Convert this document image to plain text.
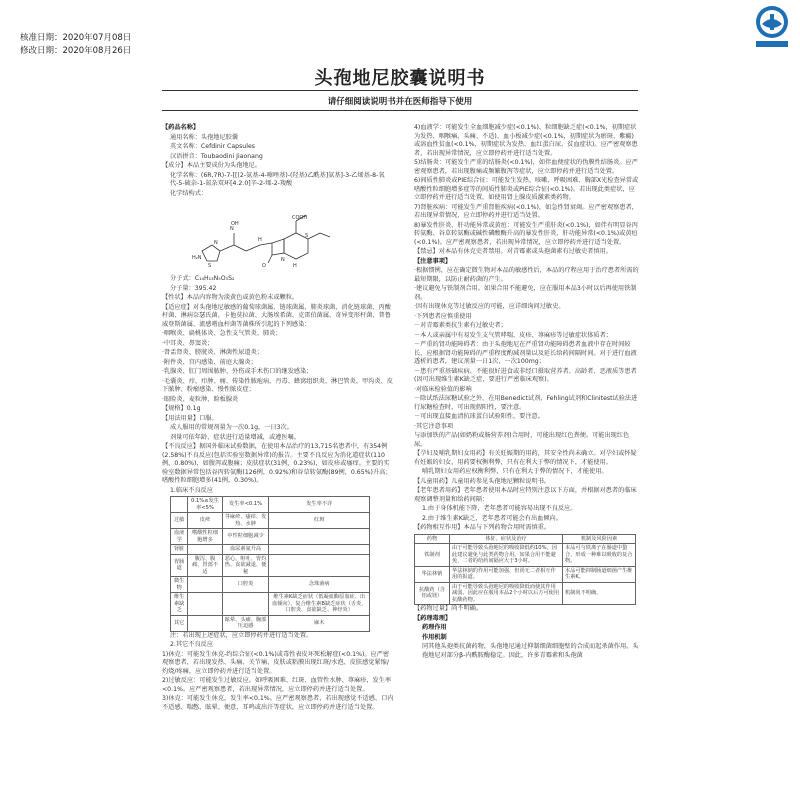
核准日期：2020年07月08日
修改日期：2020年08月26日
头孢地尼胶囊说明书
请仔细阅读说明书并在医师指导下使用

【药品名称】

通用名称：头孢地尼胶囊

英文名称：Cefdinir Capsules

汉语拼音：Toubaodini Jiaonang

【成分】本品主要成份为头孢地尼。

化学名称：(6R,7R)-7-[[(2-氨基-4-噻唑基)-(羟基)乙酰基]氨基]-3-乙烯基-8-氧代-5-硫杂-1-氮杂双环[4.2.0]辛-2-烯-2-羧酸

化学结构式：

H₂N
S
N
N
OH
H
O
N
H
S
COOH

分子式：C₁₄H₁₃N₅O₅S₂

分子量：395.42

【性状】本品内容物为淡黄色或黄色粉末或颗粒。

【适应症】对头孢地尼敏感的葡萄球菌属、链球菌属、肺炎球菌、消化链球菌、丙酸杆菌、淋病奈瑟氏菌、卡他莫拉菌、大肠埃希菌、克雷伯菌属、奇异变形杆菌、普鲁威登斯菌属、流感嗜血杆菌等菌株所引起的下列感染：

·咽喉炎、扁桃体炎、急性支气管炎、肺炎；

·中耳炎、鼻窦炎；

·肾盂肾炎、膀胱炎、淋菌性尿道炎；

·附件炎、宫内感染、前庭大腺炎；

·乳腺炎、肛门周围脓肿、外伤或手术伤口的继发感染；

·毛囊炎、疖、疖肿、痈、传染性脓疱病、丹毒、蜂窝组织炎、淋巴管炎、甲沟炎、皮下脓肿、粉瘤感染、慢性脓皮症；

·眼睑炎、麦粒肿、睑板腺炎

【规格】0.1g

【用法用量】口服。

成人服用的常规剂量为一次0.1g，一日3次。

剂量可依年龄、症状进行适量增减，或遵医嘱。

【不良反应】据国外临床试验数据，在使用本品治疗的13,715名患者中，有354例(2.58%)不良反应(包括实验室数据异常)的报告。主要不良反应为消化道症状(110例，0.80%)，如腹泻或腹痛；皮肤症状(31例，0.23%)，如皮疹或瘙痒。主要的实验室数据异常包括谷丙转氨酶(126例，0.92%)和谷草转氨酶(89例，0.65%)升高；嗜酸性粒细胞增多(41例，0.30%)。

1.临床不良反应

	0.1%≤发生率<5%	发生率<0.1%	发生率不详
过敏	皮疹	荨麻疹、瘙痒、发热、水肿	红斑
血液学	嗜酸性粒细胞增多	中性粒细胞减少	
肾脏		血尿素氮升高	
胃肠道	腹泻、腹痛、胃部不适	恶心、呕吐、胃灼热、食欲减退、便秘	
微生物		口腔炎	念珠菌病
维生素缺乏			维生素K缺乏症状（低凝血酶原血症、出血倾向），复合维生素B缺乏症状（舌炎、口腔炎、食欲缺乏、神经炎）
其它		眩晕、头痛、胸部压迫感	麻木

注：若出现上述症状，应立即停药并进行适当处置。

2.其它不良反应

1)休克：可能发生休克-约综合征(<0.1%)或毒性表皮坏死松解症(<0.1%)。应严密观察患者，若出现发热、头痛、关节痛、皮肤或粘膜出现红斑/水泡、皮肤感觉紧缩/灼烧/疼痛，应立即停药并进行适当处置。

2)过敏反应：可能发生过敏反应。如呼吸困难、红斑、血管性水肿、荨麻疹，发生率<0.1%。应严密观察患者，若出现异常情况，应立即停药并进行适当处置。

3)休克：可能发生休克，发生率<0.1%。应严密观察患者，若出现感觉不适感、口内不适感、喘憋、眩晕、便意、耳鸣或出汗等症状，应立即停药并进行适当处置。

4)血液学：可能发生全血细胞减少症(<0.1%)、粒细胞缺乏症(<0.1%，初期症状为发热、咽喉痛、头痛、不适)、血小板减少症(<0.1%，初期症状为瘀斑、紫癜)或溶血性贫血(<0.1%，初期症状为发热、血红蛋白尿、贫血症状)。应严密观察患者，若出现异常情况，应立即停药并进行适当处置。

5)结肠炎：可能发生严重的结肠炎(<0.1%)，如伴血便症状的伪膜性结肠炎。应严密观察患者，若出现腹痛或频繁腹泻等症状，应立即停药并进行适当处置。

6)间质性肺炎或PIE综合征：可能发生发热、咳嗽、呼吸困难、胸部X光检查异常或嗜酸性粒细胞增多症等的间质性肺炎或PIE综合征(<0.1%)。若出现此类症状，应立即停药并进行适当处置，如使用肾上腺皮质激素类药物。

7)肾脏疾病：可能发生严重肾脏疾病(<0.1%)，如急性肾衰竭。应严密观察患者，若出现异常情况，应立即停药并进行适当处置。

8)暴发性肝炎、肝功能异常或黄疸：可能发生严重肝炎(<0.1%)，如伴有明显谷丙转氨酶、谷草转氨酶或碱性磷酸酶升高的暴发性肝炎、肝功能异常(<0.1%)或黄疸(<0.1%)。应严密观察患者，若出现异常情况，应立即停药并进行适当处置。

【禁忌】对本品有休克史者禁用。对青霉素或头孢菌素有过敏史者慎用。

【注意事项】

·根据惯例，应在确定微生物对本品的敏感性后，本品的疗程应用于治疗患者所需的最短期限，以防止耐药菌的产生。

·建议避免与铁制剂合用。如果合用不能避免，应在服用本品3小时以后再使用铁制剂。

·因有出现休克等过敏反应的可能，应详细询问过敏史。

·下列患者应慎重使用

－对青霉素类抗生素有过敏史者；

－本人或亲属中有易发生支气管哮喘、皮疹、荨麻疹等过敏症状体质者；

－严重的肾功能障碍者：由于头孢地尼在严重肾功能障碍患者血液中存在时间较长，应根据肾功能障碍的严重程度酌减剂量以及延长给药间隔时间。对于进行血液透析的患者，建议剂量一日1次，一次100mg；

－患有严重基础疾病、不能很好进食或非经口摄取营养者、高龄者、恶液质等患者(因可出现维生素K缺乏症，要进行严密临床观察)。

·对临床检验值的影响

－除试纸法尿糖试验之外，在用Benedict试剂、Fehling试剂和Clinitest试验法进行尿糖检查时，可出现假阳性，要注意。

－可出现直接血清抗球蛋白试验阳性，要注意。

·其它注意事项

与添加铁的产品(如奶粉或肠营养剂)合用时，可能出现红色粪便。可能出现红色尿。

【孕妇及哺乳期妇女用药】有关妊娠期的用药，其安全性尚未确立。对孕妇或怀疑有妊娠的妇女，用药要权衡利弊，只有在利大于弊的情况下，才能使用。

哺乳期妇女用药应权衡利弊，只有在利大于弊的情况下，才能使用。

【儿童用药】儿童用药参见头孢地尼颗粒说明书。

【老年患者用药】老年患者使用本品时应特别注意以下方面，并根据对患者的临床观察调整剂量和给药间隔：

1.由于身体机能下降，老年患者可能容易出现不良反应。

2.由于维生素K缺乏，老年患者可能会有出血倾向。

【药物相互作用】本品与下列药物合用时需慎重。

药物	体征、症状及治疗	机制及风险因素
铁制剂	由于可能导致头孢地尼的吸收降低约10%，因此建议避免与此类药物合用。如果合用不能避免，二者的给药间隔应大于3小时。	本品可与铁离子在肠道中螯合，形成一种难以吸收的复合物。
华法林钠	华法林钠的作用可能加强，但尚无二者相互作用的报道。	本品可能抑制肠道细菌产生维生素K。
抗酸药（含铝或镁）	由于可能导致头孢地尼的吸收降低而使其作用减弱，因此应在服用本品2个小时以后方可使用抗酸药物。	机制尚不明确。

【药物过量】尚不明确。

【药理毒理】

药理作用

作用机制

同其他头孢类抗菌药物，头孢地尼通过抑制细菌细胞壁的合成而起杀菌作用。头孢地尼对部分β-内酰胺酶稳定。因此，许多青霉素和头孢菌
